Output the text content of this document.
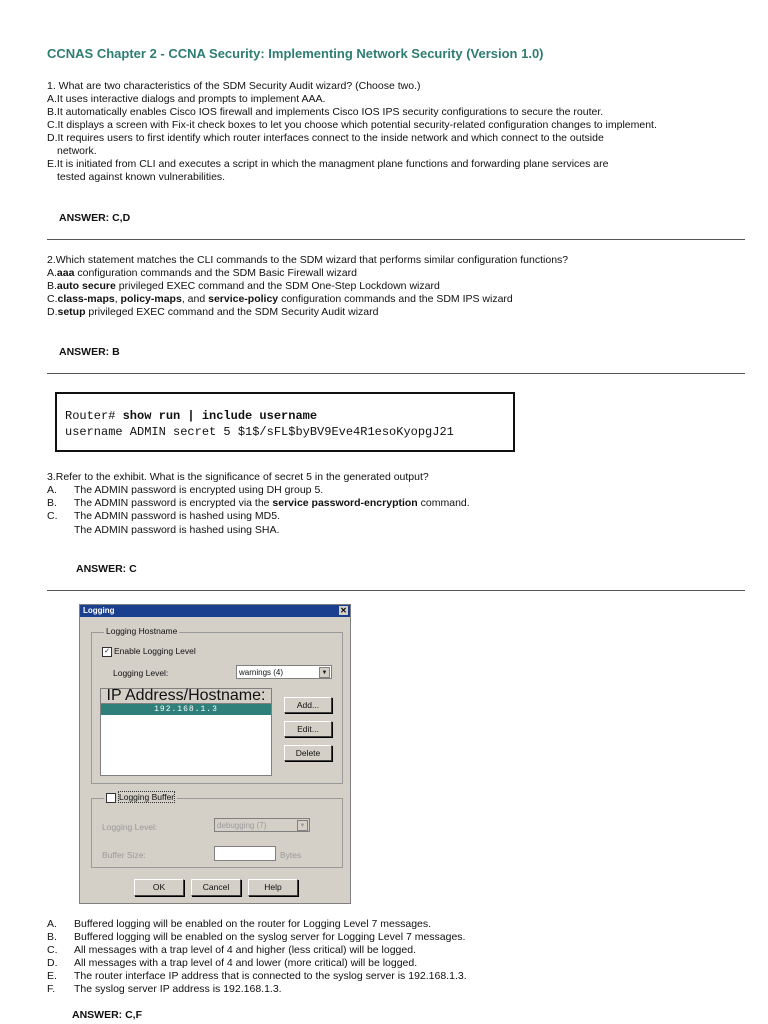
CCNAS Chapter 2 - CCNA Security: Implementing Network Security (Version 1.0)
1. What are two characteristics of the SDM Security Audit wizard? (Choose two.)
A.It uses interactive dialogs and prompts to implement AAA.
B.It automatically enables Cisco IOS firewall and implements Cisco IOS IPS security configurations to secure the router.
C.It displays a screen with Fix-it check boxes to let you choose which potential security-related configuration changes to implement.
D.It requires users to first identify which router interfaces connect to the inside network and which connect to the outside
network.
E.It is initiated from CLI and executes a script in which the managment plane functions and forwarding plane services are
tested against known vulnerabilities.
ANSWER: C,D
2.Which statement matches the CLI commands to the SDM wizard that performs similar configuration functions?
A.aaa configuration commands and the SDM Basic Firewall wizard
B.auto secure privileged EXEC command and the SDM One-Step Lockdown wizard
C.class-maps, policy-maps, and service-policy configuration commands and the SDM IPS wizard
D.setup privileged EXEC command and the SDM Security Audit wizard
ANSWER: B
Router# show run | include username
username ADMIN secret 5 $1$/sFL$byBV9Eve4R1esoKyopgJ21
3.Refer to the exhibit. What is the significance of secret 5 in the generated output?
A. The ADMIN password is encrypted using DH group 5.
B. The ADMIN password is encrypted via the service password-encryption command.
C. The ADMIN password is hashed using MD5.
The ADMIN password is hashed using SHA.
ANSWER: C
Logging	✕
Logging Hostname
✓ Enable Logging Level
Logging Level:	warnings (4)	▼
IP Address/Hostname:
192.168.1.3	Add...
Edit...
Delete
Logging Buffer
Logging Level:	debugging (7)	▼
Buffer Size:	Bytes
OK	Cancel	Help
A. Buffered logging will be enabled on the router for Logging Level 7 messages.
B. Buffered logging will be enabled on the syslog server for Logging Level 7 messages.
C. All messages with a trap level of 4 and higher (less critical) will be logged.
D. All messages with a trap level of 4 and lower (more critical) will be logged.
E. The router interface IP address that is connected to the syslog server is 192.168.1.3.
F. The syslog server IP address is 192.168.1.3.
ANSWER: C,F
